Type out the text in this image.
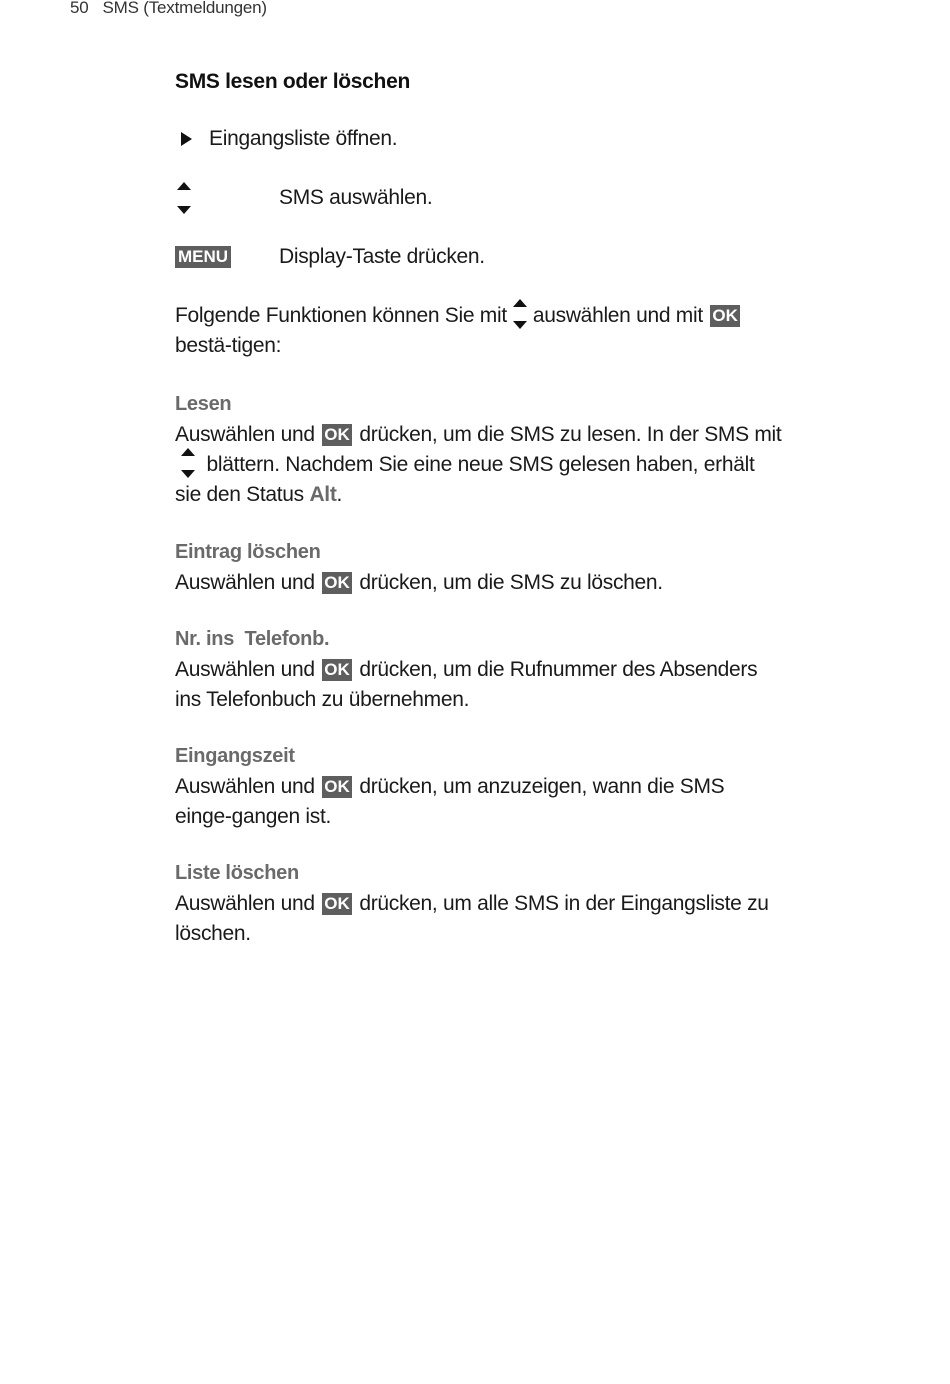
50 SMS (Textmeldungen)
SMS lesen oder löschen
Eingangsliste öffnen.
SMS auswählen.
MENU Display-Taste drücken.

Folgende Funktionen können Sie mit auswählen und mit OK bestä-tigen:

Lesen

Auswählen und OK drücken, um die SMS zu lesen. In der SMS mit
blättern. Nachdem Sie eine neue SMS gelesen haben, erhält sie den Status Alt.

Eintrag löschen

Auswählen und OK drücken, um die SMS zu löschen.

Nr. ins  Telefonb.

Auswählen und OK drücken, um die Rufnummer des Absenders ins Telefonbuch zu übernehmen.

Eingangszeit

Auswählen und OK drücken, um anzuzeigen, wann die SMS einge-gangen ist.

Liste löschen

Auswählen und OK drücken, um alle SMS in der Eingangsliste zu löschen.
